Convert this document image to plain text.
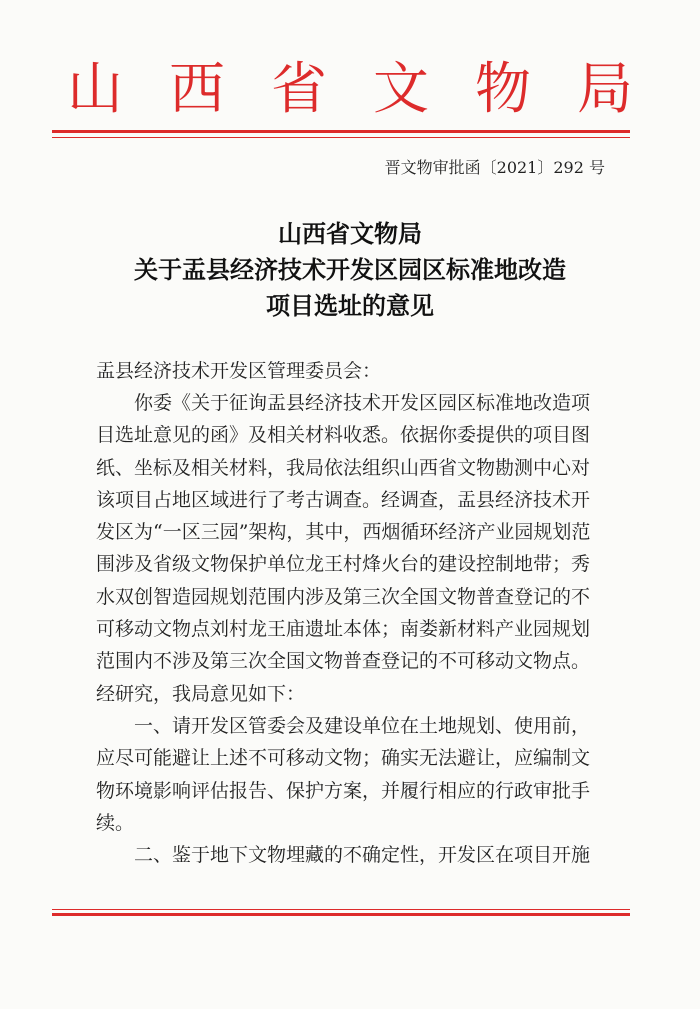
山西省文物局
晋文物审批函〔2021〕292 号
山西省文物局
关于盂县经济技术开发区园区标准地改造
项目选址的意见
盂县经济技术开发区管理委员会：
你委《关于征询盂县经济技术开发区园区标准地改造项目选址意见的函》及相关材料收悉。依据你委提供的项目图纸、坐标及相关材料，我局依法组织山西省文物勘测中心对该项目占地区域进行了考古调查。经调查，盂县经济技术开发区为“一区三园”架构，其中，西烟循环经济产业园规划范围涉及省级文物保护单位龙王村烽火台的建设控制地带；秀水双创智造园规划范围内涉及第三次全国文物普查登记的不可移动文物点刘村龙王庙遗址本体；南娄新材料产业园规划范围内不涉及第三次全国文物普查登记的不可移动文物点。经研究，我局意见如下：
一、请开发区管委会及建设单位在土地规划、使用前，应尽可能避让上述不可移动文物；确实无法避让，应编制文物环境影响评估报告、保护方案，并履行相应的行政审批手续。
二、鉴于地下文物埋藏的不确定性，开发区在项目开施
